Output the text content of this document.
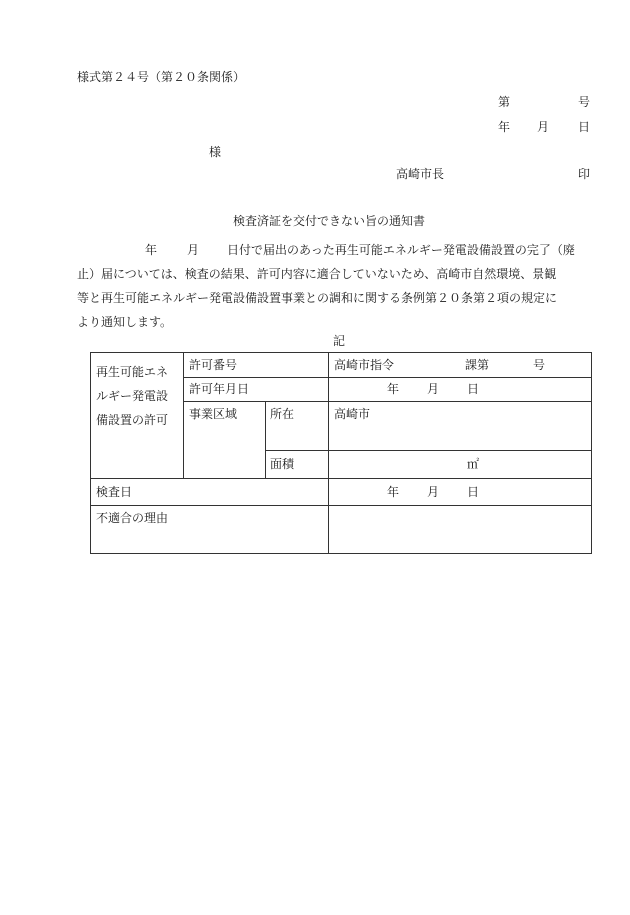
様式第２４号（第２０条関係）
第	号
年 月 日
様
高崎市長	印
検査済証を交付できない旨の通知書
年	月 日付で届出のあった再生可能エネルギー発電設備設置の完了（廃
止）届については、検査の結果、許可内容に適合していないため、高崎市自然環境、景観
等と再生可能エネルギー発電設備設置事業との調和に関する条例第２０条第２項の規定に
より通知します。
記
再生可能エネ
ルギー発電設
備設置の許可
許可番号	高崎市指令	課第	号
許可年月日	年 月 日
事業区域	所在	高崎市
面積	㎡
検査日	年 月 日
不適合の理由
